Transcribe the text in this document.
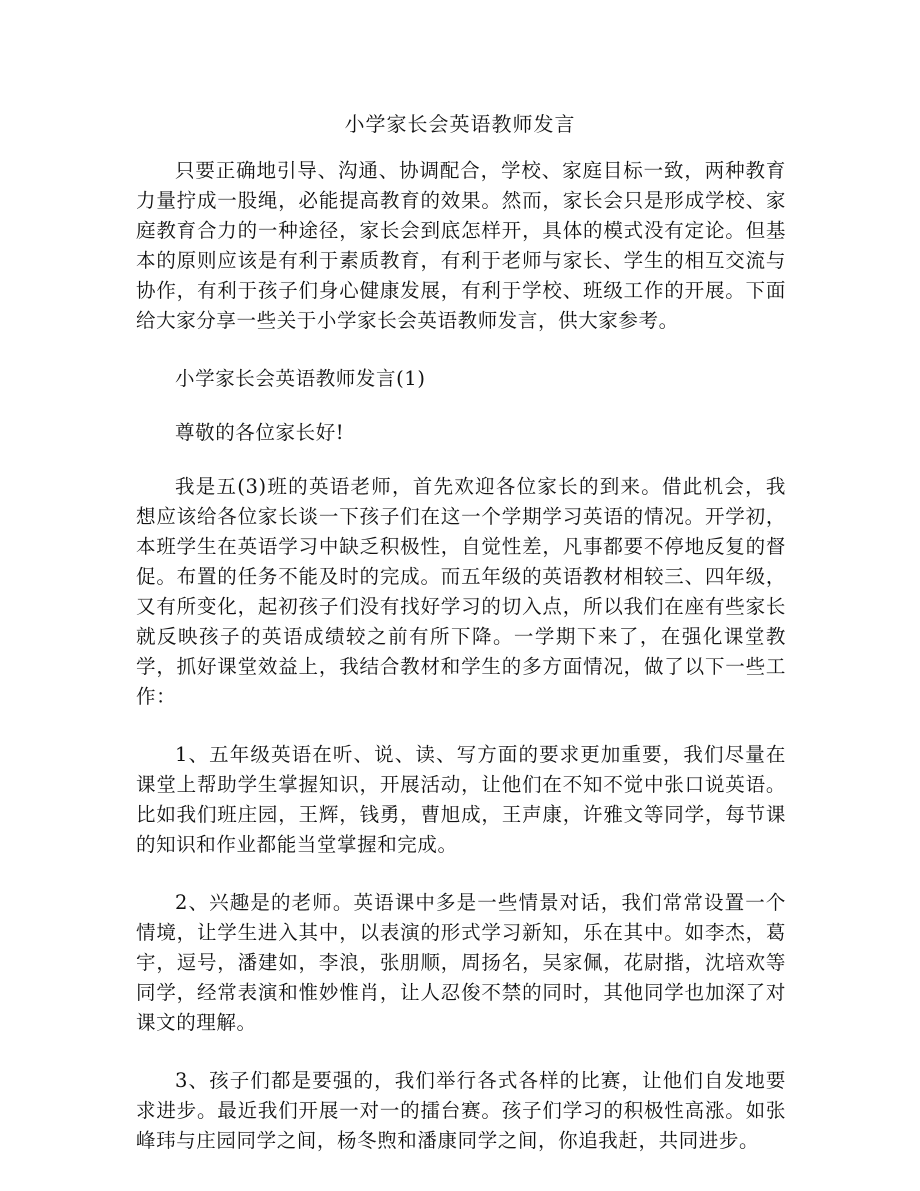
小学家长会英语教师发言

只要正确地引导、沟通、协调配合，学校、家庭目标一致，两种教育力量拧成一股绳，必能提高教育的效果。然而，家长会只是形成学校、家庭教育合力的一种途径，家长会到底怎样开，具体的模式没有定论。但基本的原则应该是有利于素质教育，有利于老师与家长、学生的相互交流与协作，有利于孩子们身心健康发展，有利于学校、班级工作的开展。下面给大家分享一些关于小学家长会英语教师发言，供大家参考。

小学家长会英语教师发言(1)

尊敬的各位家长好!

我是五(3)班的英语老师，首先欢迎各位家长的到来。借此机会，我想应该给各位家长谈一下孩子们在这一个学期学习英语的情况。开学初，本班学生在英语学习中缺乏积极性，自觉性差，凡事都要不停地反复的督促。布置的任务不能及时的完成。而五年级的英语教材相较三、四年级，又有所变化，起初孩子们没有找好学习的切入点，所以我们在座有些家长就反映孩子的英语成绩较之前有所下降。一学期下来了，在强化课堂教学，抓好课堂效益上，我结合教材和学生的多方面情况，做了以下一些工作：

1、五年级英语在听、说、读、写方面的要求更加重要，我们尽量在课堂上帮助学生掌握知识，开展活动，让他们在不知不觉中张口说英语。比如我们班庄园，王辉，钱勇，曹旭成，王声康，许雅文等同学，每节课的知识和作业都能当堂掌握和完成。

2、兴趣是的老师。英语课中多是一些情景对话，我们常常设置一个情境，让学生进入其中，以表演的形式学习新知，乐在其中。如李杰，葛宇，逗号，潘建如，李浪，张朋顺，周扬名，吴家佩，花尉揩，沈培欢等同学，经常表演和惟妙惟肖，让人忍俊不禁的同时，其他同学也加深了对课文的理解。

3、孩子们都是要强的，我们举行各式各样的比赛，让他们自发地要求进步。最近我们开展一对一的擂台赛。孩子们学习的积极性高涨。如张峰玮与庄园同学之间，杨冬煦和潘康同学之间，你追我赶，共同进步。
